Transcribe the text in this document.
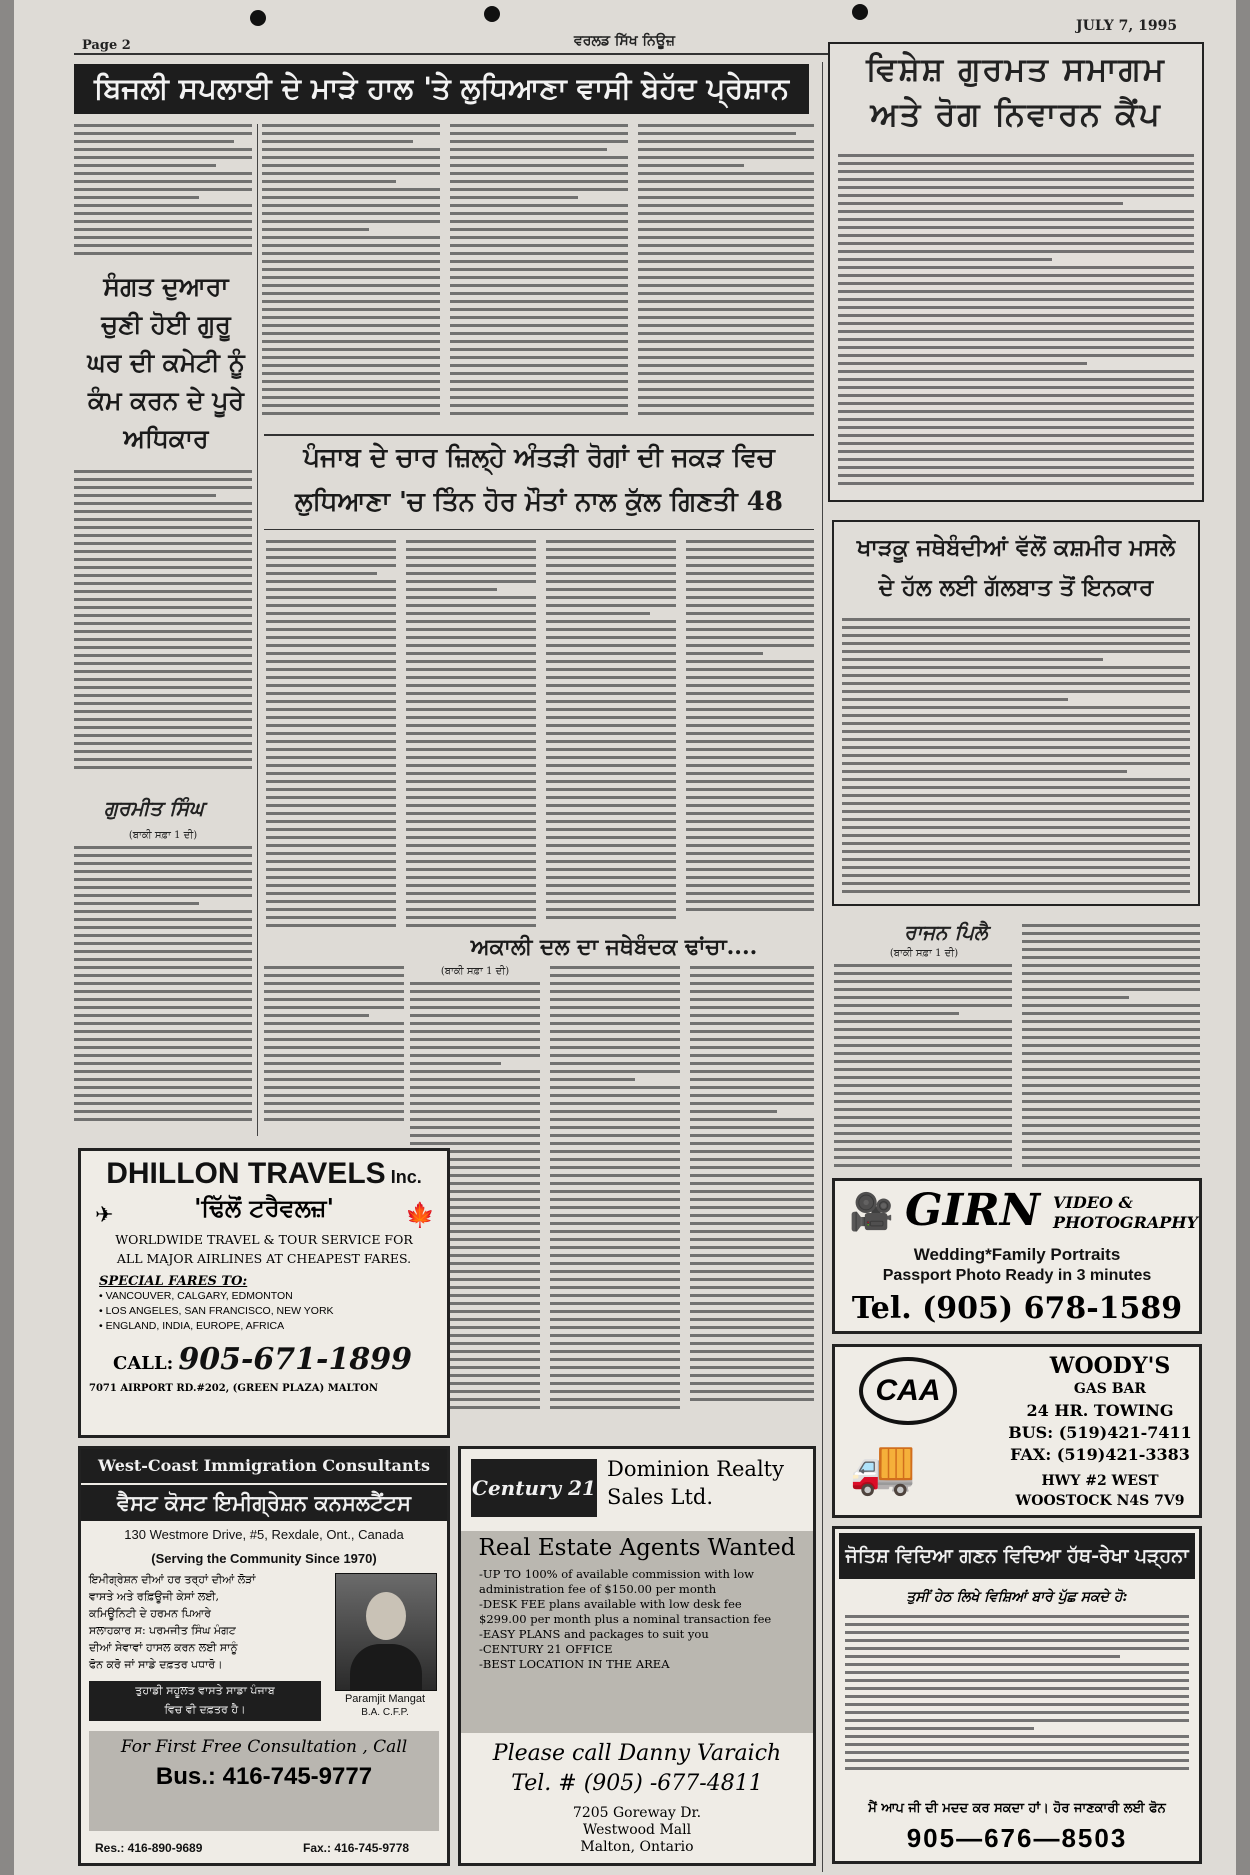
Page 2	ਵਰਲਡ ਸਿੱਖ ਨਿਊਜ਼
JULY 7, 1995
ਬਿਜਲੀ ਸਪਲਾਈ ਦੇ ਮਾੜੇ ਹਾਲ 'ਤੇ ਲੁਧਿਆਣਾ ਵਾਸੀ ਬੇਹੱਦ ਪ੍ਰੇਸ਼ਾਨ
ਸੰਗਤ ਦੁਆਰਾ ਚੁਣੀ ਹੋਈ ਗੁਰੂ ਘਰ ਦੀ ਕਮੇਟੀ ਨੂੰ ਕੰਮ ਕਰਨ ਦੇ ਪੂਰੇ ਅਧਿਕਾਰ
ਗੁਰਮੀਤ ਸਿੰਘ
(ਬਾਕੀ ਸਫ਼ਾ 1 ਦੀ)
ਪੰਜਾਬ ਦੇ ਚਾਰ ਜ਼ਿਲ੍ਹੇ ਅੰਤੜੀ ਰੋਗਾਂ ਦੀ ਜਕੜ ਵਿਚ
ਲੁਧਿਆਣਾ 'ਚ ਤਿੰਨ ਹੋਰ ਮੌਤਾਂ ਨਾਲ ਕੁੱਲ ਗਿਣਤੀ 48
ਅਕਾਲੀ ਦਲ ਦਾ ਜਥੇਬੰਦਕ ਢਾਂਚਾ....
(ਬਾਕੀ ਸਫ਼ਾ 1 ਦੀ)
DHILLON TRAVELS Inc.
'ਢਿੱਲੋਂ ਟਰੈਵਲਜ਼'
✈	🍁
WORLDWIDE TRAVEL & TOUR SERVICE FOR
ALL MAJOR AIRLINES AT CHEAPEST FARES.
SPECIAL FARES TO:
• VANCOUVER, CALGARY, EDMONTON
• LOS ANGELES, SAN FRANCISCO, NEW YORK
• ENGLAND, INDIA, EUROPE, AFRICA
CALL: 905-671-1899
7071 AIRPORT RD.#202, (GREEN PLAZA) MALTON
West-Coast Immigration Consultants
ਵੈਸਟ ਕੋਸਟ ਇਮੀਗ੍ਰੇਸ਼ਨ ਕਨਸਲਟੈਂਟਸ
130 Westmore Drive, #5, Rexdale, Ont., Canada
(Serving the Community Since 1970)
ਇਮੀਗ੍ਰੇਸ਼ਨ ਦੀਆਂ ਹਰ ਤਰ੍ਹਾਂ ਦੀਆਂ ਲੋੜਾਂ
ਵਾਸਤੇ ਅਤੇ ਰਫ਼ਿਊਜੀ ਕੇਸਾਂ ਲਈ,
ਕਮਿਊਨਿਟੀ ਦੇ ਹਰਮਨ ਪਿਆਰੇ
ਸਲਾਹਕਾਰ ਸ: ਪਰਮਜੀਤ ਸਿੰਘ ਮੰਗਟ
ਦੀਆਂ ਸੇਵਾਵਾਂ ਹਾਸਲ ਕਰਨ ਲਈ ਸਾਨੂੰ
ਫੋਨ ਕਰੋ ਜਾਂ ਸਾਡੇ ਦਫ਼ਤਰ ਪਧਾਰੋ।
ਤੁਹਾਡੀ ਸਹੂਲਤ ਵਾਸਤੇ ਸਾਡਾ ਪੰਜਾਬ
ਵਿਚ ਵੀ ਦਫ਼ਤਰ ਹੈ।
Paramjit Mangat
B.A. C.F.P.
For First Free Consultation , Call
Bus.: 416-745-9777
Res.: 416-890-9689	Fax.: 416-745-9778
Century 21
Dominion Realty
Sales Ltd.
Real Estate Agents Wanted
-UP TO 100% of available commission with low
administration fee of $150.00 per month
-DESK FEE plans available with low desk fee
$299.00 per month plus a nominal transaction fee
-EASY PLANS and packages to suit you
-CENTURY 21 OFFICE
-BEST LOCATION IN THE AREA
Please call Danny Varaich
Tel. # (905) -677-4811
7205 Goreway Dr.
Westwood Mall
Malton, Ontario
ਵਿਸ਼ੇਸ਼ ਗੁਰਮਤ ਸਮਾਗਮ
ਅਤੇ ਰੋਗ ਨਿਵਾਰਨ ਕੈਂਪ
ਖਾੜਕੂ ਜਥੇਬੰਦੀਆਂ ਵੱਲੋਂ ਕਸ਼ਮੀਰ ਮਸਲੇ
ਦੇ ਹੱਲ ਲਈ ਗੱਲਬਾਤ ਤੋਂ ਇਨਕਾਰ
ਰਾਜਨ ਪਿਲੈ
(ਬਾਕੀ ਸਫ਼ਾ 1 ਦੀ)
🎥 GIRN VIDEO &
PHOTOGRAPHY
Wedding*Family Portraits
Passport Photo Ready in 3 minutes
Tel. (905) 678-1589
CAA
🚚
WOODY'S
GAS BAR
24 HR. TOWING
BUS: (519)421-7411
FAX: (519)421-3383
HWY #2 WEST
WOOSTOCK N4S 7V9
ਜੋਤਿਸ਼ ਵਿਦਿਆ ਗਣਨ ਵਿਦਿਆ ਹੱਥ-ਰੇਖਾ ਪੜ੍ਹਨਾ
ਤੁਸੀਂ ਹੇਠ ਲਿਖੇ ਵਿਸ਼ਿਆਂ ਬਾਰੇ ਪੁੱਛ ਸਕਦੇ ਹੋ:
ਮੈਂ ਆਪ ਜੀ ਦੀ ਮਦਦ ਕਰ ਸਕਦਾ ਹਾਂ। ਹੋਰ ਜਾਣਕਾਰੀ ਲਈ ਫੋਨ
905—676—8503
